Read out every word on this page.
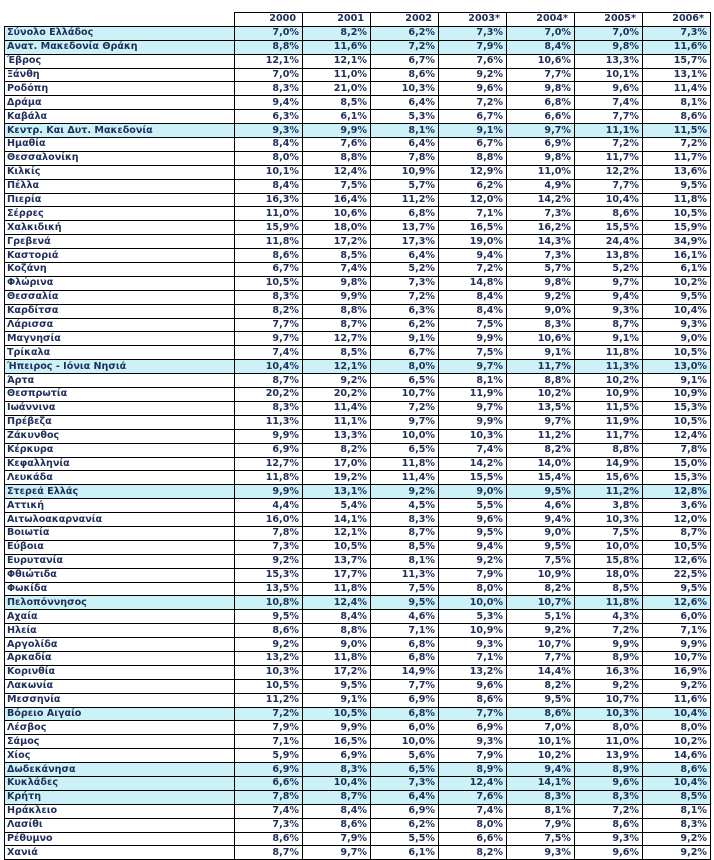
	2000	2001	2002	2003*	2004*	2005*	2006*
Σύνολο Ελλάδος	7,0%	8,2%	6,2%	7,3%	7,0%	7,0%	7,3%
Ανατ. Μακεδονία Θράκη	8,8%	11,6%	7,2%	7,9%	8,4%	9,8%	11,6%
Έβρος	12,1%	12,1%	6,7%	7,6%	10,6%	13,3%	15,7%
Ξάνθη	7,0%	11,0%	8,6%	9,2%	7,7%	10,1%	13,1%
Ροδόπη	8,3%	21,0%	10,3%	9,6%	9,8%	9,6%	11,4%
Δράμα	9,4%	8,5%	6,4%	7,2%	6,8%	7,4%	8,1%
Καβάλα	6,3%	6,1%	5,3%	6,7%	6,6%	7,7%	8,6%
Κεντρ. Και Δυτ. Μακεδονία	9,3%	9,9%	8,1%	9,1%	9,7%	11,1%	11,5%
Ημαθία	8,4%	7,6%	6,4%	6,7%	6,9%	7,2%	7,2%
Θεσσαλονίκη	8,0%	8,8%	7,8%	8,8%	9,8%	11,7%	11,7%
Κιλκίς	10,1%	12,4%	10,9%	12,9%	11,0%	12,2%	13,6%
Πέλλα	8,4%	7,5%	5,7%	6,2%	4,9%	7,7%	9,5%
Πιερία	16,3%	16,4%	11,2%	12,0%	14,2%	10,4%	11,8%
Σέρρες	11,0%	10,6%	6,8%	7,1%	7,3%	8,6%	10,5%
Χαλκιδική	15,9%	18,0%	13,7%	16,5%	16,2%	15,5%	15,9%
Γρεβενά	11,8%	17,2%	17,3%	19,0%	14,3%	24,4%	34,9%
Καστοριά	8,6%	8,5%	6,4%	9,4%	7,3%	13,8%	16,1%
Κοζάνη	6,7%	7,4%	5,2%	7,2%	5,7%	5,2%	6,1%
Φλώρινα	10,5%	9,8%	7,3%	14,8%	9,8%	9,7%	10,2%
Θεσσαλία	8,3%	9,9%	7,2%	8,4%	9,2%	9,4%	9,5%
Καρδίτσα	8,2%	8,8%	6,3%	8,4%	9,0%	9,3%	10,4%
Λάρισσα	7,7%	8,7%	6,2%	7,5%	8,3%	8,7%	9,3%
Μαγνησία	9,7%	12,7%	9,1%	9,9%	10,6%	9,1%	9,0%
Τρίκαλα	7,4%	8,5%	6,7%	7,5%	9,1%	11,8%	10,5%
Ήπειρος - Ιόνια Νησιά	10,4%	12,1%	8,0%	9,7%	11,7%	11,3%	13,0%
Άρτα	8,7%	9,2%	6,5%	8,1%	8,8%	10,2%	9,1%
Θεσπρωτία	20,2%	20,2%	10,7%	11,9%	10,2%	10,9%	10,9%
Ιωάννινα	8,3%	11,4%	7,2%	9,7%	13,5%	11,5%	15,3%
Πρέβεζα	11,3%	11,1%	9,7%	9,9%	9,7%	11,9%	10,5%
Ζάκυνθος	9,9%	13,3%	10,0%	10,3%	11,2%	11,7%	12,4%
Κέρκυρα	6,9%	8,2%	6,5%	7,4%	8,2%	8,8%	7,8%
Κεφαλληνία	12,7%	17,0%	11,8%	14,2%	14,0%	14,9%	15,0%
Λευκάδα	11,8%	19,2%	11,4%	15,5%	15,4%	15,6%	15,3%
Στερεά Ελλάς	9,9%	13,1%	9,2%	9,0%	9,5%	11,2%	12,8%
Αττική	4,4%	5,4%	4,5%	5,5%	4,6%	3,8%	3,6%
Αιτωλοακαρνανία	16,0%	14,1%	8,3%	9,6%	9,4%	10,3%	12,0%
Βοιωτία	7,8%	12,1%	8,7%	9,5%	9,0%	7,5%	8,7%
Εύβοια	7,3%	10,5%	8,5%	9,4%	9,5%	10,0%	10,5%
Ευρυτανία	9,2%	13,7%	8,1%	9,2%	7,5%	15,8%	12,6%
Φθιώτιδα	15,3%	17,7%	11,3%	7,9%	10,9%	18,0%	22,5%
Φωκίδα	13,5%	11,8%	7,5%	8,0%	8,2%	8,5%	9,5%
Πελοπόννησος	10,8%	12,4%	9,5%	10,0%	10,7%	11,8%	12,6%
Αχαία	9,5%	8,4%	4,6%	5,3%	5,1%	4,3%	6,0%
Ηλεία	8,6%	8,8%	7,1%	10,9%	9,2%	7,2%	7,1%
Αργολίδα	9,2%	9,0%	6,8%	9,3%	10,7%	9,9%	9,9%
Αρκαδία	13,2%	11,8%	6,8%	7,1%	7,7%	8,9%	10,7%
Κορινθία	10,3%	17,2%	14,9%	13,2%	14,4%	16,3%	16,9%
Λακωνία	10,5%	9,5%	7,7%	9,6%	8,2%	9,2%	9,2%
Μεσσηνία	11,2%	9,1%	6,9%	8,6%	9,5%	10,7%	11,6%
Βόρειο Αιγαίο	7,2%	10,5%	6,8%	7,7%	8,6%	10,3%	10,4%
Λέσβος	7,9%	9,9%	6,0%	6,9%	7,0%	8,0%	8,0%
Σάμος	7,1%	16,5%	10,0%	9,3%	10,1%	11,0%	10,2%
Χίος	5,9%	6,9%	5,6%	7,9%	10,2%	13,9%	14,6%
Δωδεκάνησα	6,9%	8,3%	6,5%	8,9%	9,4%	8,9%	8,6%
Κυκλάδες	6,6%	10,4%	7,3%	12,4%	14,1%	9,6%	10,4%
Κρήτη	7,8%	8,7%	6,4%	7,6%	8,3%	8,3%	8,5%
Ηράκλειο	7,4%	8,4%	6,9%	7,4%	8,1%	7,2%	8,1%
Λασίθι	7,3%	8,6%	6,2%	8,0%	7,9%	8,6%	8,3%
Ρέθυμνο	8,6%	7,9%	5,5%	6,6%	7,5%	9,3%	9,2%
Χανιά	8,7%	9,7%	6,1%	8,2%	9,3%	9,6%	9,2%
